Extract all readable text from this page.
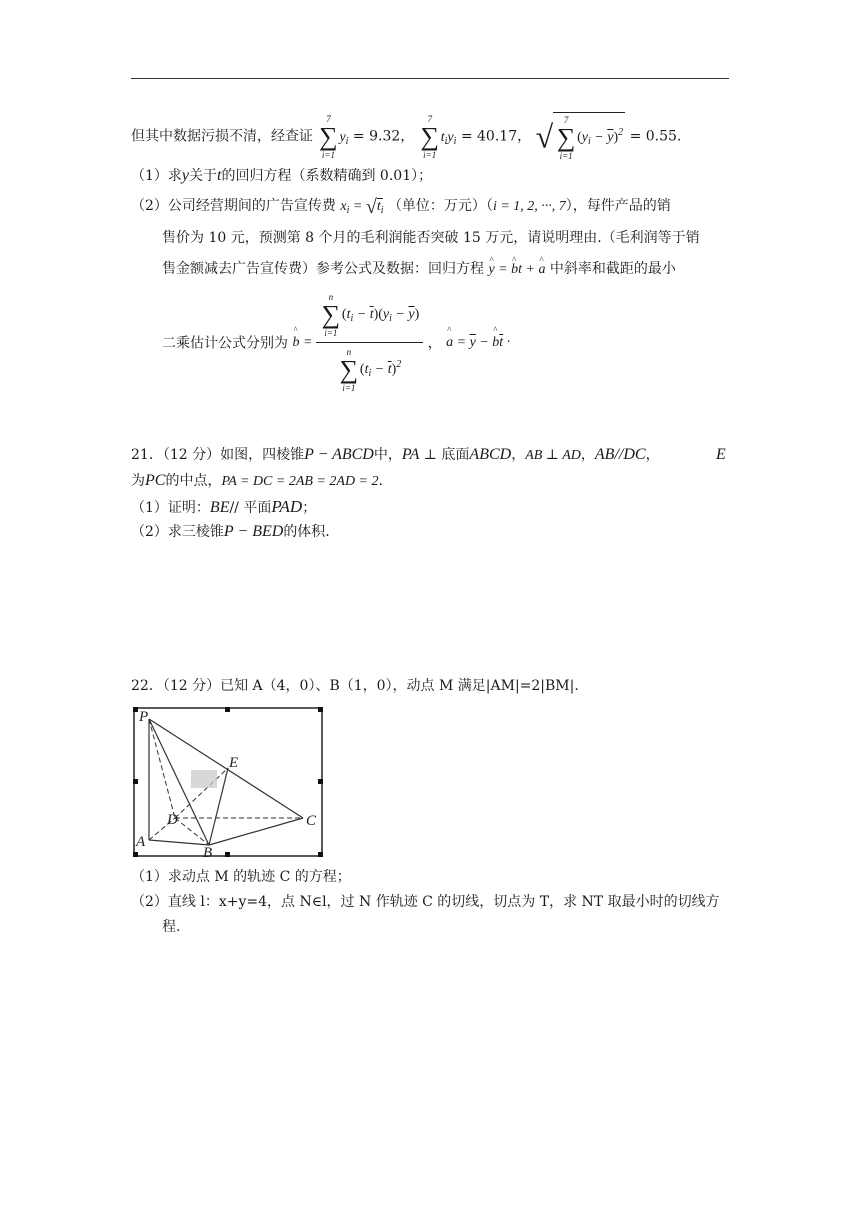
但其中数据污损不清，经查证
7
∑
i=1
$y_i = 9.32$，
7
∑
i=1
$t_iy_i = 40.17$， √	7
∑
i=1
$(y_i - \overline{y})^2 = 0.55$.
（1）求y关于t的回归方程（系数精确到 0.01）；
（2）公司经营期间的广告宣传费 $x_i = √t_i$ （单位：万元）（i = 1, 2, ···, 7），每件产品的销
售价为 10 元，预测第 8 个月的毛利润能否突破 15 万元，请说明理由.（毛利润等于销
售金额减去广告宣传费）参考公式及数据：回归方程 ^ y = ^ bt + ^ a 中斜率和截距的最小
二乘估计公式分别为 ^ b = n
∑
i=1
$(t_i - \overline{t})(y_i - \overline{y})$
n
∑
i=1
$(t_i - \overline{t})^2$ ， ^ $a = \overline{y}$ − ^ $b\overline{t}$ ·
21．（12 分）如图，四棱锥P − ABCD中，PA ⊥ 底面ABCD，AB ⊥ AD，AB//DC，	E
为PC的中点，PA = DC = 2AB = 2AD = 2.
（1）证明：BE// 平面PAD；
（2）求三棱锥P − BED的体积.
22．（12 分）已知 A（4，0）、B（1，0），动点 M 满足|AM|=2|BM|.
P
E
D	C
A
B
（1）求动点 M 的轨迹 C 的方程；
（2）直线 l：x+y=4，点 N∈l，过 N 作轨迹 C 的切线，切点为 T，求 NT 取最小时的切线方
程.
